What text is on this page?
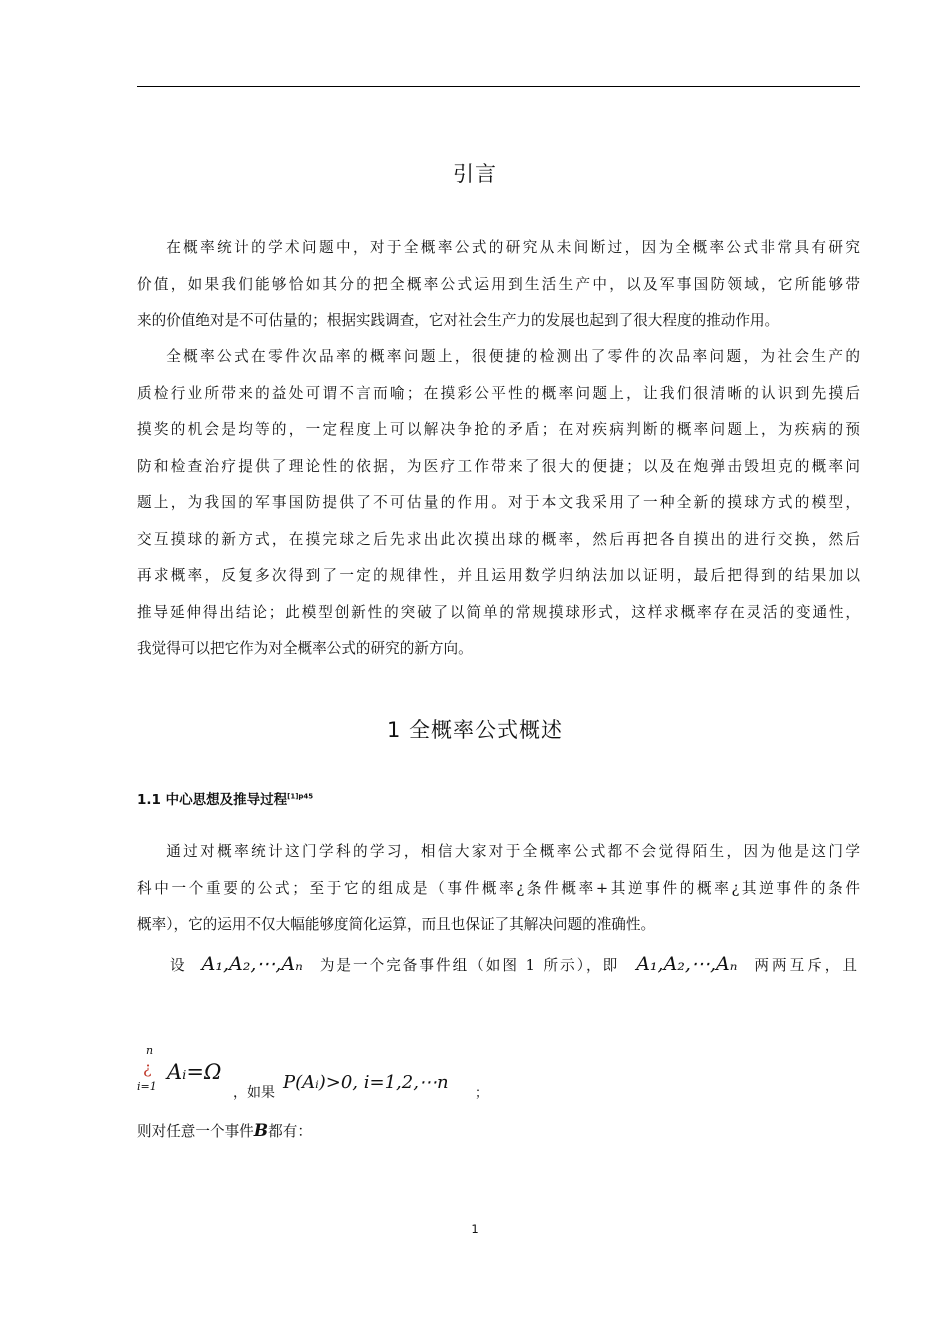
引言
在概率统计的学术问题中，对于全概率公式的研究从未间断过，因为全概率公式非常具有研究
价值，如果我们能够恰如其分的把全概率公式运用到生活生产中，以及军事国防领域，它所能够带
来的价值绝对是不可估量的；根据实践调查，它对社会生产力的发展也起到了很大程度的推动作用。
全概率公式在零件次品率的概率问题上，很便捷的检测出了零件的次品率问题，为社会生产的
质检行业所带来的益处可谓不言而喻；在摸彩公平性的概率问题上，让我们很清晰的认识到先摸后
摸奖的机会是均等的，一定程度上可以解决争抢的矛盾；在对疾病判断的概率问题上，为疾病的预
防和检查治疗提供了理论性的依据，为医疗工作带来了很大的便捷；以及在炮弹击毁坦克的概率问
题上，为我国的军事国防提供了不可估量的作用。对于本文我采用了一种全新的摸球方式的模型，
交互摸球的新方式，在摸完球之后先求出此次摸出球的概率，然后再把各自摸出的进行交换，然后
再求概率，反复多次得到了一定的规律性，并且运用数学归纳法加以证明，最后把得到的结果加以
推导延伸得出结论；此模型创新性的突破了以简单的常规摸球形式，这样求概率存在灵活的变通性，
我觉得可以把它作为对全概率公式的研究的新方向。
1 全概率公式概述
1.1 中心思想及推导过程$^{[1]p45}$
通过对概率统计这门学科的学习，相信大家对于全概率公式都不会觉得陌生，因为他是这门学
科中一个重要的公式；至于它的组成是（事件概率¿条件概率+其逆事件的概率¿其逆事件的条件
概率），它的运用不仅大幅能够度简化运算，而且也保证了其解决问题的准确性。
设 A₁,A₂,⋯,Aₙ 为是一个完备事件组（如图 1 所示），即 A₁,A₂,⋯,Aₙ 两两互斥，且
n
¿
i=1
Aᵢ=Ω
，如果 P(Aᵢ)>0, i=1,2,⋯n
；
则对任意一个事件B都有：
1
